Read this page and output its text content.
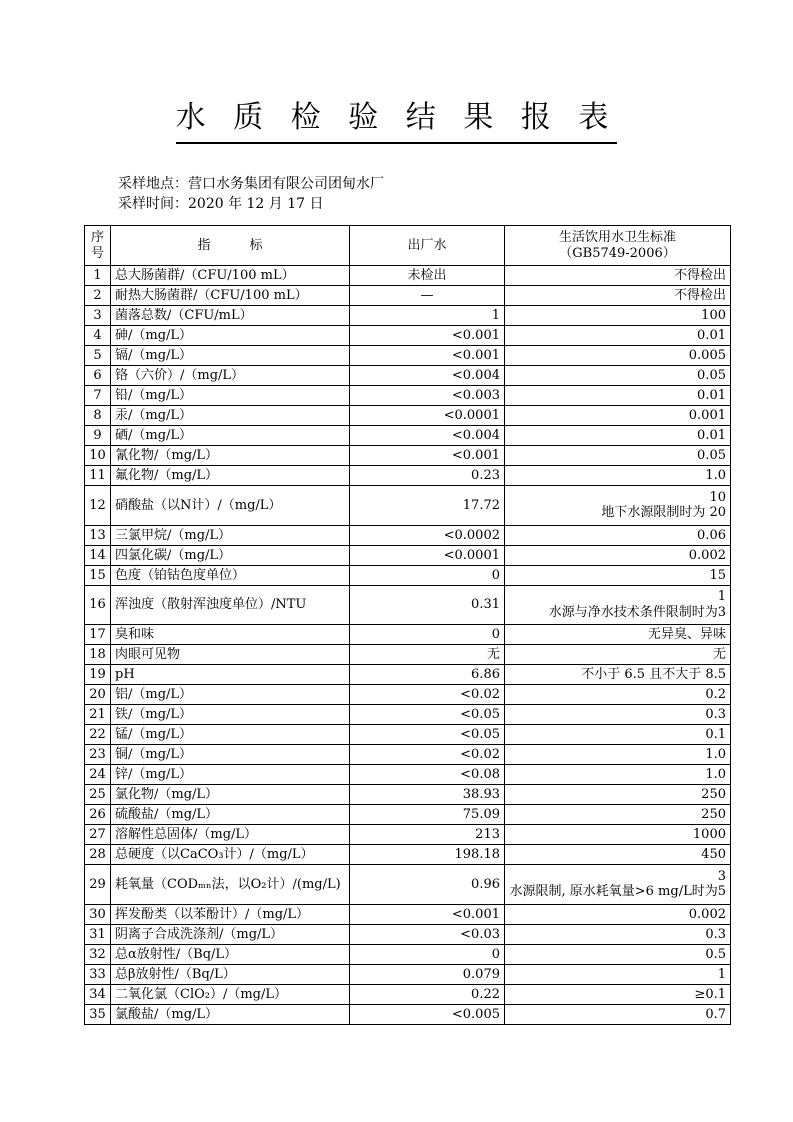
水 质 检 验 结 果 报 表
采样地点：营口水务集团有限公司团甸水厂
采样时间：2020 年 12 月 17 日
序号	指　　　标	出厂水	生活饮用水卫生标准
（GB5749-2006）

1	总大肠菌群/（CFU/100 mL）	未检出	不得检出
2	耐热大肠菌群/（CFU/100 mL）	—	不得检出
3	菌落总数/（CFU/mL）	1	100
4	砷/（mg/L）	<0.001	0.01
5	镉/（mg/L）	<0.001	0.005
6	铬（六价）/（mg/L）	<0.004	0.05
7	铅/（mg/L）	<0.003	0.01
8	汞/（mg/L）	<0.0001	0.001
9	硒/（mg/L）	<0.004	0.01
10	氰化物/（mg/L）	<0.001	0.05
11	氟化物/（mg/L）	0.23	1.0
12	硝酸盐（以N计）/（mg/L）	17.72	10
地下水源限制时为 20

13	三氯甲烷/（mg/L）	<0.0002	0.06
14	四氯化碳/（mg/L）	<0.0001	0.002
15	色度（铂钴色度单位）	0	15
16	浑浊度（散射浑浊度单位）/NTU	0.31	1
水源与净水技术条件限制时为3

17	臭和味	0	无异臭、异味
18	肉眼可见物	无	无
19	pH	6.86	不小于 6.5 且不大于 8.5
20	铝/（mg/L）	<0.02	0.2
21	铁/（mg/L）	<0.05	0.3
22	锰/（mg/L）	<0.05	0.1
23	铜/（mg/L）	<0.02	1.0
24	锌/（mg/L）	<0.08	1.0
25	氯化物/（mg/L）	38.93	250
26	硫酸盐/（mg/L）	75.09	250
27	溶解性总固体/（mg/L）	213	1000
28	总硬度（以CaCO₃计）/（mg/L）	198.18	450
29	耗氧量（CODₘₙ法，以O₂计）/(mg/L)	0.96	3
水源限制, 原水耗氧量>6 mg/L时为5

30	挥发酚类（以苯酚计）/（mg/L）	<0.001	0.002
31	阴离子合成洗涤剂/（mg/L）	<0.03	0.3
32	总α放射性/（Bq/L）	0	0.5
33	总β放射性/（Bq/L）	0.079	1
34	二氧化氯（ClO₂）/（mg/L）	0.22	≥0.1
35	氯酸盐/（mg/L）	<0.005	0.7
